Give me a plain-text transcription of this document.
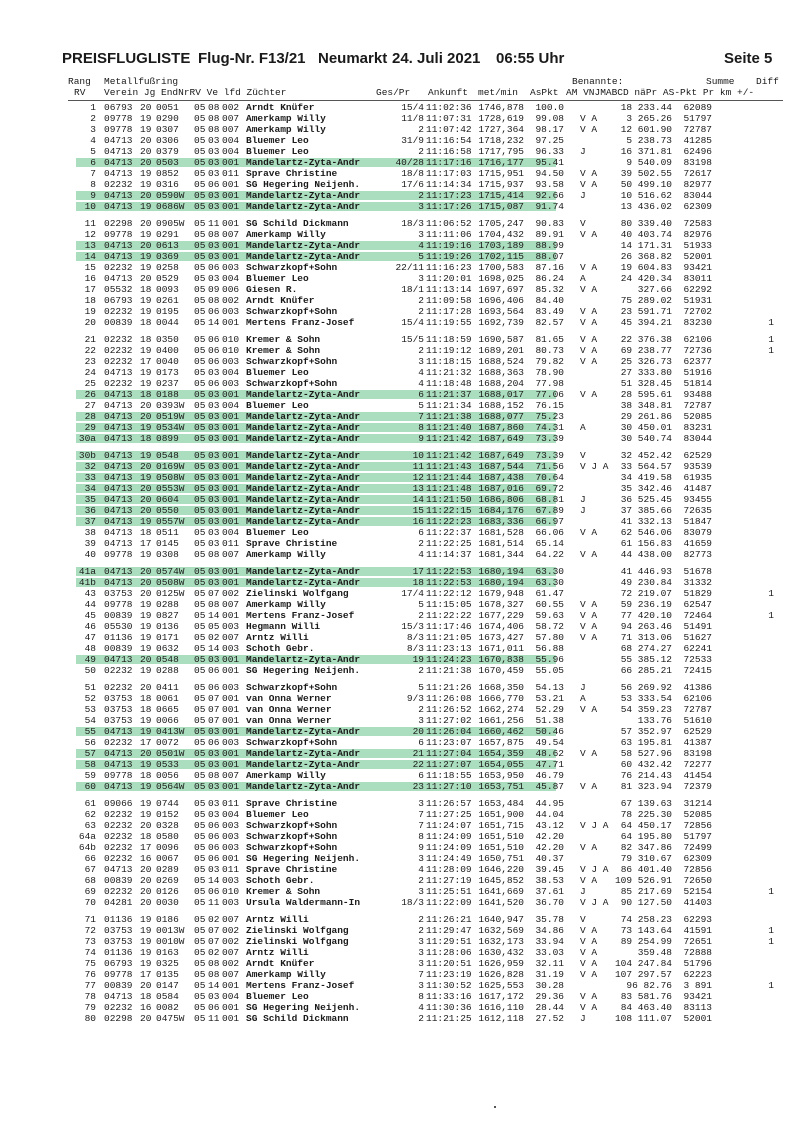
PREISFLUGLISTE Flug-Nr. F13/21 Neumarkt 24. Juli 2021 06:55 Uhr	Seite 5
Rang Metallfußring	Benannte:	Summe Diff
RV Verein Jg EndNrRV Ve lfd Züchter	Ges/Pr Ankunft met/min AsPkt AM VNJMABCD näPr AS-Pkt Pr km +/-
1 06793 20 0051 05 08 002 Arndt Knüfer	15/4 11:02:36 1746,878	100.0	18 233.44	62089
2 09778 19 0290 05 08 007 Amerkamp Willy	11/8 11:07:31 1728,619	99.08 V A	3 265.26	51797
3 09778 19 0307 05 08 007 Amerkamp Willy	2 11:07:42 1727,364	98.17 V A	12 601.90	72787
4 04713 20 0306 05 03 004 Bluemer Leo	31/9 11:16:54 1718,232	97.25	5 238.73	41285
5 04713 20 0379 05 03 004 Bluemer Leo	2 11:16:58 1717,795	96.33 J	16 371.81	62496
6 04713 20 0503 05 03 001 Mandelartz-Zyta-Andr	40/28 11:17:16 1716,177	95.41	9 540.09	83198
7 04713 19 0852 05 03 011 Sprave Christine	18/8 11:17:03 1715,951	94.50 V A	39 502.55	72617
8 02232 19 0316 05 06 001 SG Hegering Neijenh.	17/6 11:14:34 1715,937	93.58 V A	50 499.10	82977
9 04713 20 0590W 05 03 001 Mandelartz-Zyta-Andr	2 11:17:23 1715,414	92.66 J	10 516.62	83044
10 04713 19 0686W 05 03 001 Mandelartz-Zyta-Andr	3 11:17:26 1715,087	91.74	13 436.02	62309
11 02298 20 0905W 05 11 001 SG Schild Dickmann	18/3 11:06:52 1705,247	90.83 V	80 339.40	72583
12 09778 19 0291 05 08 007 Amerkamp Willy	3 11:11:06 1704,432	89.91 V A	40 403.74	82976
13 04713 20 0613 05 03 001 Mandelartz-Zyta-Andr	4 11:19:16 1703,189	88.99	14 171.31	51933
14 04713 19 0369 05 03 001 Mandelartz-Zyta-Andr	5 11:19:26 1702,115	88.07	26 368.82	52001
15 02232 19 0258 05 06 003 Schwarzkopf+Sohn	22/11 11:16:23 1700,583	87.16 V A	19 604.83	93421
16 04713 20 0529 05 03 004 Bluemer Leo	3 11:20:01 1698,025	86.24 A	24 420.34	83011
17 05532 18 0093 05 09 006 Giesen R.	18/1 11:13:14 1697,697	85.32 V A	327.66	62292
18 06793 19 0261 05 08 002 Arndt Knüfer	2 11:09:58 1696,406	84.40	75 289.02	51931
19 02232 19 0195 05 06 003 Schwarzkopf+Sohn	2 11:17:28 1693,564	83.49 V A	23 591.71	72702
20 00839 18 0044 05 14 001 Mertens Franz-Josef	15/4 11:19:55 1692,739	82.57 V A	45 394.21	83230	1
21 02232 18 0350 05 06 010 Kremer & Sohn	15/5 11:18:59 1690,587	81.65 V A	22 376.38	62106	1
22 02232 19 0400 05 06 010 Kremer & Sohn	2 11:19:12 1689,201	80.73 V A	69 238.77	72736	1
23 02232 17 0040 05 06 003 Schwarzkopf+Sohn	3 11:18:15 1688,524	79.82 V A	25 326.73	62377
24 04713 19 0173 05 03 004 Bluemer Leo	4 11:21:32 1688,363	78.90	27 333.80	51916
25 02232 19 0237 05 06 003 Schwarzkopf+Sohn	4 11:18:48 1688,204	77.98	51 328.45	51814
26 04713 18 0188 05 03 001 Mandelartz-Zyta-Andr	6 11:21:37 1688,017	77.06 V A	28 595.61	93488
27 04713 20 0393W 05 03 004 Bluemer Leo	5 11:21:34 1688,152	76.15	38 348.81	72787
28 04713 20 0519W 05 03 001 Mandelartz-Zyta-Andr	7 11:21:38 1688,077	75.23	29 261.86	52085
29 04713 19 0534W 05 03 001 Mandelartz-Zyta-Andr	8 11:21:40 1687,860	74.31 A	30 450.01	83231
30a 04713 18 0899 05 03 001 Mandelartz-Zyta-Andr	9 11:21:42 1687,649	73.39	30 540.74	83044
30b 04713 19 0548 05 03 001 Mandelartz-Zyta-Andr	10 11:21:42 1687,649	73.39 V	32 452.42	62529
32 04713 20 0169W 05 03 001 Mandelartz-Zyta-Andr	11 11:21:43 1687,544	71.56 V J A	33 564.57	93539
33 04713 19 0508W 05 03 001 Mandelartz-Zyta-Andr	12 11:21:44 1687,438	70.64	34 419.58	61935
34 04713 20 0553W 05 03 001 Mandelartz-Zyta-Andr	13 11:21:48 1687,016	69.72	35 342.46	41487
35 04713 20 0604 05 03 001 Mandelartz-Zyta-Andr	14 11:21:50 1686,806	68.81 J	36 525.45	93455
36 04713 20 0550 05 03 001 Mandelartz-Zyta-Andr	15 11:22:15 1684,176	67.89 J	37 385.66	72635
37 04713 19 0557W 05 03 001 Mandelartz-Zyta-Andr	16 11:22:23 1683,336	66.97	41 332.13	51847
38 04713 18 0511 05 03 004 Bluemer Leo	6 11:22:37 1681,528	66.06 V A	62 546.06	83079
39 04713 17 0145 05 03 011 Sprave Christine	2 11:22:25 1681,514	65.14	61 156.83	41659
40 09778 19 0308 05 08 007 Amerkamp Willy	4 11:14:37 1681,344	64.22 V A	44 438.00	82773
41a 04713 20 0574W 05 03 001 Mandelartz-Zyta-Andr	17 11:22:53 1680,194	63.30	41 446.93	51678
41b 04713 20 0508W 05 03 001 Mandelartz-Zyta-Andr	18 11:22:53 1680,194	63.30	49 230.84	31332
43 03753 20 0125W 05 07 002 Zielinski Wolfgang	17/4 11:22:12 1679,948	61.47	72 219.07	51829	1
44 09778 19 0288 05 08 007 Amerkamp Willy	5 11:15:05 1678,327	60.55 V A	59 236.19	62547
45 00839 19 0827 05 14 001 Mertens Franz-Josef	2 11:22:22 1677,229	59.63 V A	77 420.10	72464	1
46 05530 19 0136 05 05 003 Hegmann Willi	15/3 11:17:46 1674,406	58.72 V A	94 263.46	51491
47 01136 19 0171 05 02 007 Arntz Willi	8/3 11:21:05 1673,427	57.80 V A	71 313.06	51627
48 00839 19 0632 05 14 003 Schoth Gebr.	8/3 11:23:13 1671,011	56.88	68 274.27	62241
49 04713 20 0548 05 03 001 Mandelartz-Zyta-Andr	19 11:24:23 1670,838	55.96	55 385.12	72533
50 02232 19 0288 05 06 001 SG Hegering Neijenh.	2 11:21:38 1670,459	55.05	66 285.21	72415
51 02232 20 0411 05 06 003 Schwarzkopf+Sohn	5 11:21:26 1668,350	54.13 J	56 269.92	41386
52 03753 18 0061 05 07 001 van Onna Werner	9/3 11:26:08 1666,770	53.21 A	53 333.54	62106
53 03753 18 0665 05 07 001 van Onna Werner	2 11:26:52 1662,274	52.29 V A	54 359.23	72787
54 03753 19 0066 05 07 001 van Onna Werner	3 11:27:02 1661,256	51.38	133.76	51610
55 04713 19 0413W 05 03 001 Mandelartz-Zyta-Andr	20 11:26:04 1660,462	50.46	57 352.97	62529
56 02232 17 0072 05 06 003 Schwarzkopf+Sohn	6 11:23:07 1657,875	49.54	63 195.81	41387
57 04713 20 0501W 05 03 001 Mandelartz-Zyta-Andr	21 11:27:04 1654,359	48.62 V A	58 527.96	83198
58 04713 19 0533 05 03 001 Mandelartz-Zyta-Andr	22 11:27:07 1654,055	47.71	60 432.42	72277
59 09778 18 0056 05 08 007 Amerkamp Willy	6 11:18:55 1653,950	46.79	76 214.43	41454
60 04713 19 0564W 05 03 001 Mandelartz-Zyta-Andr	23 11:27:10 1653,751	45.87 V A	81 323.94	72379
61 09066 19 0744 05 03 011 Sprave Christine	3 11:26:57 1653,484	44.95	67 139.63	31214
62 02232 19 0152 05 03 004 Bluemer Leo	7 11:27:25 1651,900	44.04	78 225.30	52085
63 02232 20 0328 05 06 003 Schwarzkopf+Sohn	7 11:24:07 1651,715	43.12 V J A	64 450.17	72856
64a 02232 18 0580 05 06 003 Schwarzkopf+Sohn	8 11:24:09 1651,510	42.20	64 195.80	51797
64b 02232 17 0096 05 06 003 Schwarzkopf+Sohn	9 11:24:09 1651,510	42.20 V A	82 347.86	72499
66 02232 16 0067 05 06 001 SG Hegering Neijenh.	3 11:24:49 1650,751	40.37	79 310.67	62309
67 04713 20 0289 05 03 011 Sprave Christine	4 11:28:09 1646,220	39.45 V J A	86 401.40	72856
68 00839 20 0269 05 14 003 Schoth Gebr.	2 11:27:19 1645,852	38.53 V A	109 526.91	72650
69 02232 20 0126 05 06 010 Kremer & Sohn	3 11:25:51 1641,669	37.61 J	85 217.69	52154	1
70 04281 20 0030 05 11 003 Ursula Waldermann-In	18/3 11:22:09 1641,520	36.70 V J A	90 127.50	41403
71 01136 19 0186 05 02 007 Arntz Willi	2 11:26:21 1640,947	35.78 V	74 258.23	62293
72 03753 19 0013W 05 07 002 Zielinski Wolfgang	2 11:29:47 1632,569	34.86 V A	73 143.64	41591	1
73 03753 19 0010W 05 07 002 Zielinski Wolfgang	3 11:29:51 1632,173	33.94 V A	89 254.99	72651	1
74 01136 19 0163 05 02 007 Arntz Willi	3 11:28:06 1630,432	33.03 V A	359.48	72888
75 06793 19 0325 05 08 002 Arndt Knüfer	3 11:20:51 1626,959	32.11 V A	104 247.84	51796
76 09778 17 0135 05 08 007 Amerkamp Willy	7 11:23:19 1626,828	31.19 V A	107 297.57	62223
77 00839 20 0147 05 14 001 Mertens Franz-Josef	3 11:30:52 1625,553	30.28	96 82.76	3 891	1
78 04713 18 0584 05 03 004 Bluemer Leo	8 11:33:16 1617,172	29.36 V A	83 581.76	93421
79 02232 16 0082 05 06 001 SG Hegering Neijenh.	4 11:30:36 1616,110	28.44 V A	84 463.40	83113
80 02298 20 0475W 05 11 001 SG Schild Dickmann	2 11:21:25 1612,118	27.52 J	108 111.07	52001
